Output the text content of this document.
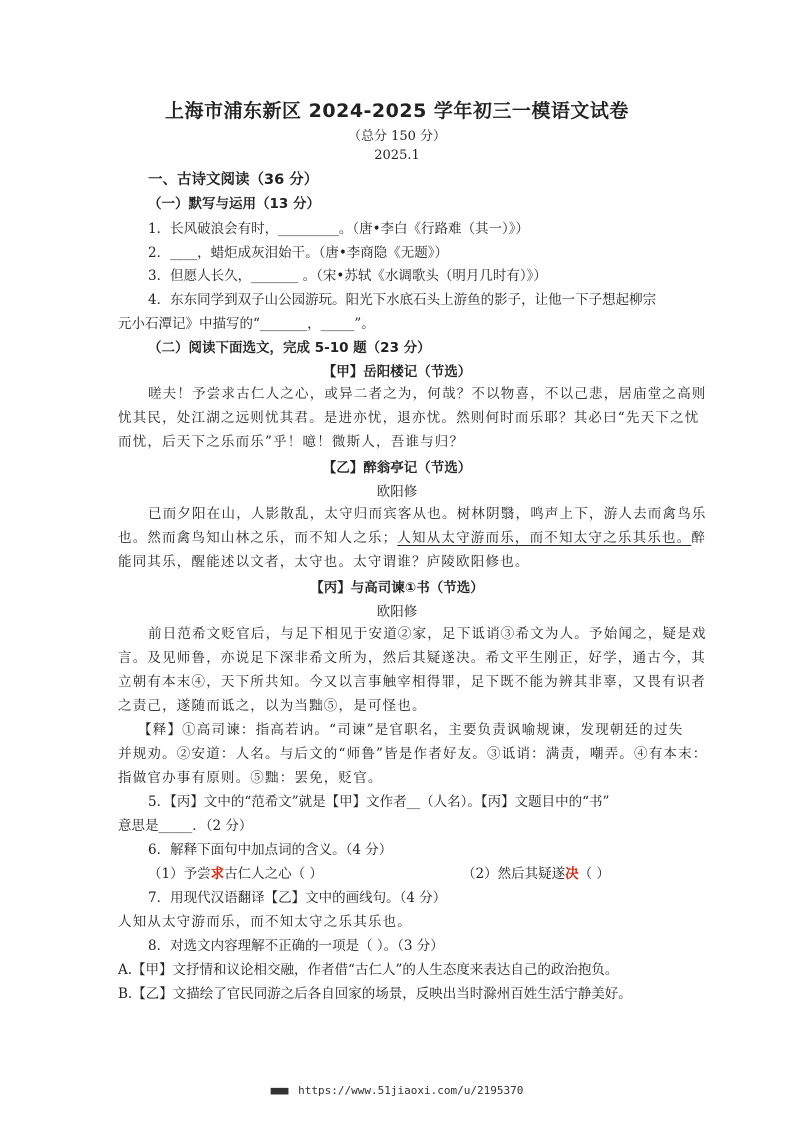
上海市浦东新区 2024-2025 学年初三一模语文试卷
（总分 150 分）
2025.1
一、古诗文阅读（36 分）
（一）默写与运用（13 分）
1．长风破浪会有时，_________。（唐•李白《行路难（其一）》）
2．____，蜡炬成灰泪始干。（唐•李商隐《无题》）
3．但愿人长久，_______ 。（宋•苏轼《水调歌头（明月几时有）》）
4．东东同学到双子山公园游玩。阳光下水底石头上游鱼的影子，让他一下子想起柳宗
元小石潭记》中描写的“_______，_____”。
（二）阅读下面选文，完成 5-10 题（23 分）
【甲】岳阳楼记（节选）
嗟夫！予尝求古仁人之心，或异二者之为，何哉？不以物喜，不以己悲，居庙堂之高则
忧其民，处江湖之远则忧其君。是进亦忧，退亦忧。然则何时而乐耶？其必曰“先天下之忧
而忧，后天下之乐而乐”乎！噫！微斯人，吾谁与归？
【乙】醉翁亭记（节选）
欧阳修
已而夕阳在山，人影散乱，太守归而宾客从也。树林阴翳，鸣声上下，游人去而禽鸟乐
也。然而禽鸟知山林之乐，而不知人之乐；人知从太守游而乐，而不知太守之乐其乐也。醉
能同其乐，醒能述以文者，太守也。太守谓谁？庐陵欧阳修也。
【丙】与高司谏①书（节选）
欧阳修
前日范希文贬官后，与足下相见于安道②家，足下诋诮③希文为人。予始闻之，疑是戏
言。及见师鲁，亦说足下深非希文所为，然后其疑遂决。希文平生刚正，好学，通古今，其
立朝有本末④，天下所共知。今又以言事触宰相得罪，足下既不能为辨其非辜，又畏有识者
之责己，遂随而诋之，以为当黜⑤，是可怪也。
【释】①高司谏：指高若讷。“司谏”是官职名，主要负责讽喻规谏，发现朝廷的过失
并规劝。②安道：人名。与后文的“师鲁”皆是作者好友。③诋诮：满责，嘲弄。④有本末：
指做官办事有原则。⑤黜：罢免，贬官。
5．【丙】文中的“范希文”就是【甲】文作者__（人名）。【丙】文题目中的“书”
意思是_____．（2 分）
6．解释下面句中加点词的含义。（4 分）
（1）予尝求古仁人之心（ ）	（2）然后其疑遂决（ ）
7．用现代汉语翻译【乙】文中的画线句。（4 分）
人知从太守游而乐，而不知太守之乐其乐也。
8．对选文内容理解不正确的一项是（ ）。（3 分）
A.【甲】文抒情和议论相交融，作者借“古仁人”的人生态度来表达自己的政治抱负。
B.【乙】文描绘了官民同游之后各自回家的场景，反映出当时滁州百姓生活宁静美好。
■■■ https://www.51jiaoxi.com/u/2195370
